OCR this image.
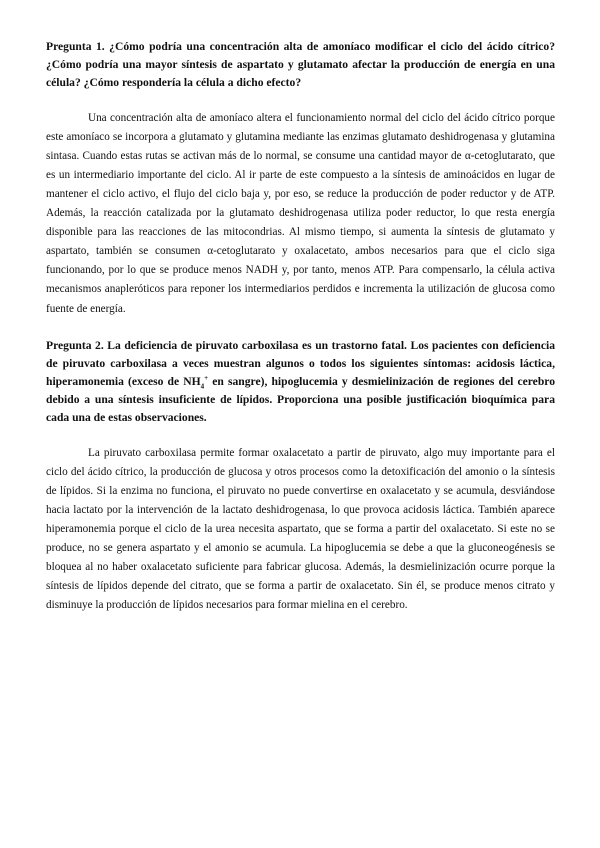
Pregunta 1. ¿Cómo podría una concentración alta de amoníaco modificar el ciclo del ácido cítrico? ¿Cómo podría una mayor síntesis de aspartato y glutamato afectar la producción de energía en una célula? ¿Cómo respondería la célula a dicho efecto?

Una concentración alta de amoníaco altera el funcionamiento normal del ciclo del ácido cítrico porque este amoníaco se incorpora a glutamato y glutamina mediante las enzimas glutamato deshidrogenasa y glutamina sintasa. Cuando estas rutas se activan más de lo normal, se consume una cantidad mayor de α-cetoglutarato, que es un intermediario importante del ciclo. Al ir parte de este compuesto a la síntesis de aminoácidos en lugar de mantener el ciclo activo, el flujo del ciclo baja y, por eso, se reduce la producción de poder reductor y de ATP. Además, la reacción catalizada por la glutamato deshidrogenasa utiliza poder reductor, lo que resta energía disponible para las reacciones de las mitocondrias. Al mismo tiempo, si aumenta la síntesis de glutamato y aspartato, también se consumen α-cetoglutarato y oxalacetato, ambos necesarios para que el ciclo siga funcionando, por lo que se produce menos NADH y, por tanto, menos ATP. Para compensarlo, la célula activa mecanismos anapleróticos para reponer los intermediarios perdidos e incrementa la utilización de glucosa como fuente de energía.

Pregunta 2. La deficiencia de piruvato carboxilasa es un trastorno fatal. Los pacientes con deficiencia de piruvato carboxilasa a veces muestran algunos o todos los siguientes síntomas: acidosis láctica, hiperamonemia (exceso de $NH_4^+$ en sangre), hipoglucemia y desmielinización de regiones del cerebro debido a una síntesis insuficiente de lípidos. Proporciona una posible justificación bioquímica para cada una de estas observaciones.

La piruvato carboxilasa permite formar oxalacetato a partir de piruvato, algo muy importante para el ciclo del ácido cítrico, la producción de glucosa y otros procesos como la detoxificación del amonio o la síntesis de lípidos. Si la enzima no funciona, el piruvato no puede convertirse en oxalacetato y se acumula, desviándose hacia lactato por la intervención de la lactato deshidrogenasa, lo que provoca acidosis láctica. También aparece hiperamonemia porque el ciclo de la urea necesita aspartato, que se forma a partir del oxalacetato. Si este no se produce, no se genera aspartato y el amonio se acumula. La hipoglucemia se debe a que la gluconeogénesis se bloquea al no haber oxalacetato suficiente para fabricar glucosa. Además, la desmielinización ocurre porque la síntesis de lípidos depende del citrato, que se forma a partir de oxalacetato. Sin él, se produce menos citrato y disminuye la producción de lípidos necesarios para formar mielina en el cerebro.
